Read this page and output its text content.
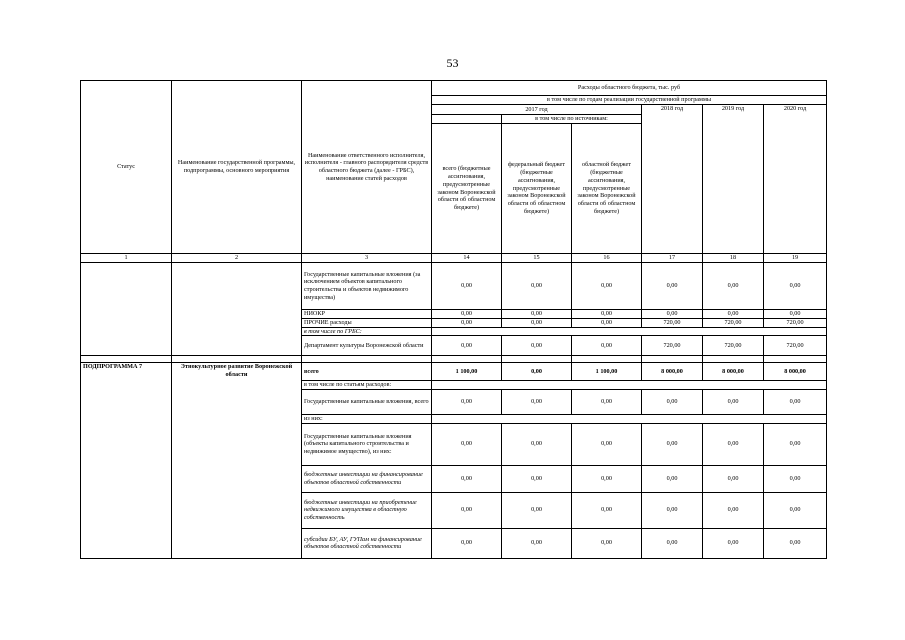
53
Статус	Наименование государственной программы, подпрограммы, основного мероприятия	Наименование ответственного исполнителя, исполнителя - главного распорядителя средств областного бюджета (далее - ГРБС), наименование статей расходов	Расходы областного бюджета, тыс. руб					
			в том числе по годам реализации государственной программы					
			2017 год			2018 год	2019 год	2020 год
				в том числе по источникам:				
			всего (бюджетные ассигнования, предусмотренные законом Воронежской области об областном бюджете)	федеральный бюджет (бюджетные ассигнования, предусмотренные законом Воронежской области об областном бюджете)	областной бюджет (бюджетные ассигнования, предусмотренные законом Воронежской области об областном бюджете)			
1	2	3	14	15	16	17	18	19
		Государственные капитальные вложения (за исключением объектов капитального строительства и объектов недвижимого имущества)	0,00	0,00	0,00	0,00	0,00	0,00
		НИОКР	0,00	0,00	0,00	0,00	0,00	0,00
		ПРОЧИЕ расходы	0,00	0,00	0,00	720,00	720,00	720,00
		в том числе по ГРБС:						
		Департамент культуры Воронежской области	0,00	0,00	0,00	720,00	720,00	720,00

ПОДПРОГРАММА 7	Этнокультурное развитие Воронежской области	всего	1 100,00	0,00	1 100,00	8 000,00	8 000,00	8 000,00
		в том числе по статьям расходов:						
		Государственные капитальные вложения, всего	0,00	0,00	0,00	0,00	0,00	0,00
		из них:						
		Государственные капитальные вложения (объекты капитального строительства и недвижимое имущество), из них:	0,00	0,00	0,00	0,00	0,00	0,00
		бюджетные инвестиции на финансирование объектов областной собственности	0,00	0,00	0,00	0,00	0,00	0,00
		бюджетные инвестиции на приобретение недвижимого имущества в областную собственность	0,00	0,00	0,00	0,00	0,00	0,00
		субсидии БУ, АУ, ГУПам на финансирование объектов областной собственности	0,00	0,00	0,00	0,00	0,00	0,00
